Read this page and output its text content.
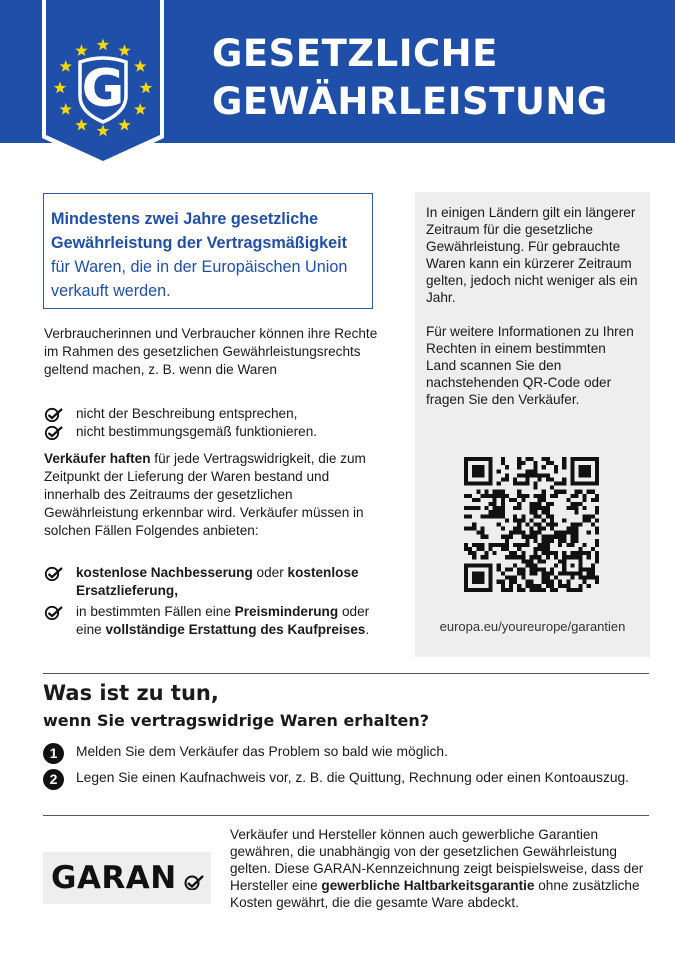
G
GESETZLICHE
GEWÄHRLEISTUNG
Mindestens zwei Jahre gesetzliche Gewährleistung der Vertragsmäßigkeit für Waren, die in der Europäischen Union verkauft werden.
Verbraucherinnen und Verbraucher können ihre Rechte im Rahmen des gesetzlichen Gewährleistungsrechts geltend machen, z. B. wenn die Waren
nicht der Beschreibung entsprechen,
nicht bestimmungsgemäß funktionieren.
Verkäufer haften für jede Vertragswidrigkeit, die zum Zeitpunkt der Lieferung der Waren bestand und innerhalb des Zeitraums der gesetzlichen Gewährleistung erkennbar wird. Verkäufer müssen in solchen Fällen Folgendes anbieten:
kostenlose Nachbesserung oder kostenlose Ersatzlieferung,
in bestimmten Fällen eine Preisminderung oder eine vollständige Erstattung des Kaufpreises.

In einigen Ländern gilt ein längerer Zeitraum für die gesetzliche Gewährleistung. Für gebrauchte Waren kann ein kürzerer Zeitraum gelten, jedoch nicht weniger als ein Jahr.

Für weitere Informationen zu Ihren Rechten in einem bestimmten Land scannen Sie den nachstehenden QR-Code oder fragen Sie den Verkäufer.

europa.eu/youreurope/garantien
Was ist zu tun,
wenn Sie vertragswidrige Waren erhalten?
1	Melden Sie dem Verkäufer das Problem so bald wie möglich.
2	Legen Sie einen Kaufnachweis vor, z. B. die Quittung, Rechnung oder einen Kontoauszug.
GARAN
Verkäufer und Hersteller können auch gewerbliche Garantien gewähren, die unabhängig von der gesetzlichen Gewährleistung gelten. Diese GARAN-Kennzeichnung zeigt beispielsweise, dass der Hersteller eine gewerbliche Haltbarkeitsgarantie ohne zusätzliche Kosten gewährt, die die gesamte Ware abdeckt.
